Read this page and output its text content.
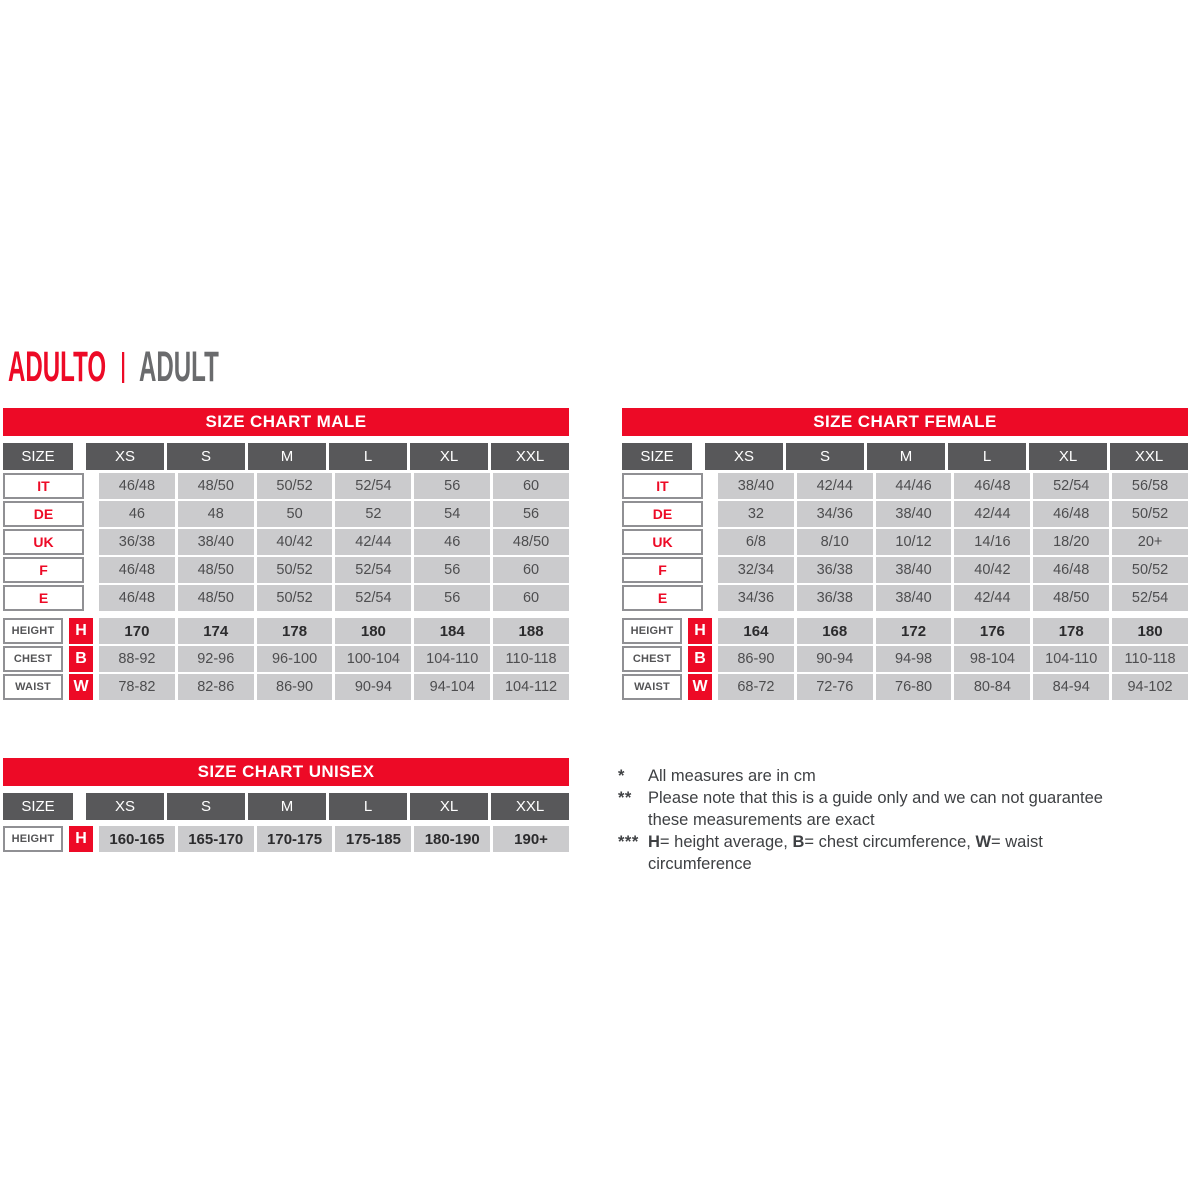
ADULTO ADULT
SIZE CHART MALE
SIZE	XS	S	M	L	XL	XXL
IT	46/48	48/50	50/52	52/54	56	60
DE	46	48	50	52	54	56
UK	36/38	38/40	40/42	42/44	46	48/50
F	46/48	48/50	50/52	52/54	56	60
E	46/48	48/50	50/52	52/54	56	60
HEIGHT	H	170	174	178	180	184	188
CHEST	B	88-92	92-96	96-100	100-104	104-110	110-118
WAIST	W	78-82	82-86	86-90	90-94	94-104	104-112
SIZE CHART FEMALE
SIZE	XS	S	M	L	XL	XXL
IT	38/40	42/44	44/46	46/48	52/54	56/58
DE	32	34/36	38/40	42/44	46/48	50/52
UK	6/8	8/10	10/12	14/16	18/20	20+
F	32/34	36/38	38/40	40/42	46/48	50/52
E	34/36	36/38	38/40	42/44	48/50	52/54
HEIGHT	H	164	168	172	176	178	180
CHEST	B	86-90	90-94	94-98	98-104	104-110	110-118
WAIST	W	68-72	72-76	76-80	80-84	84-94	94-102
SIZE CHART UNISEX
SIZE	XS	S	M	L	XL	XXL
HEIGHT	H	160-165	165-170	170-175	175-185	180-190	190+
*	All measures are in cm
** Please note that this is a guide only and we can not guarantee these measurements are exact
*** H= height average, B= chest circumference, W= waist circumference
